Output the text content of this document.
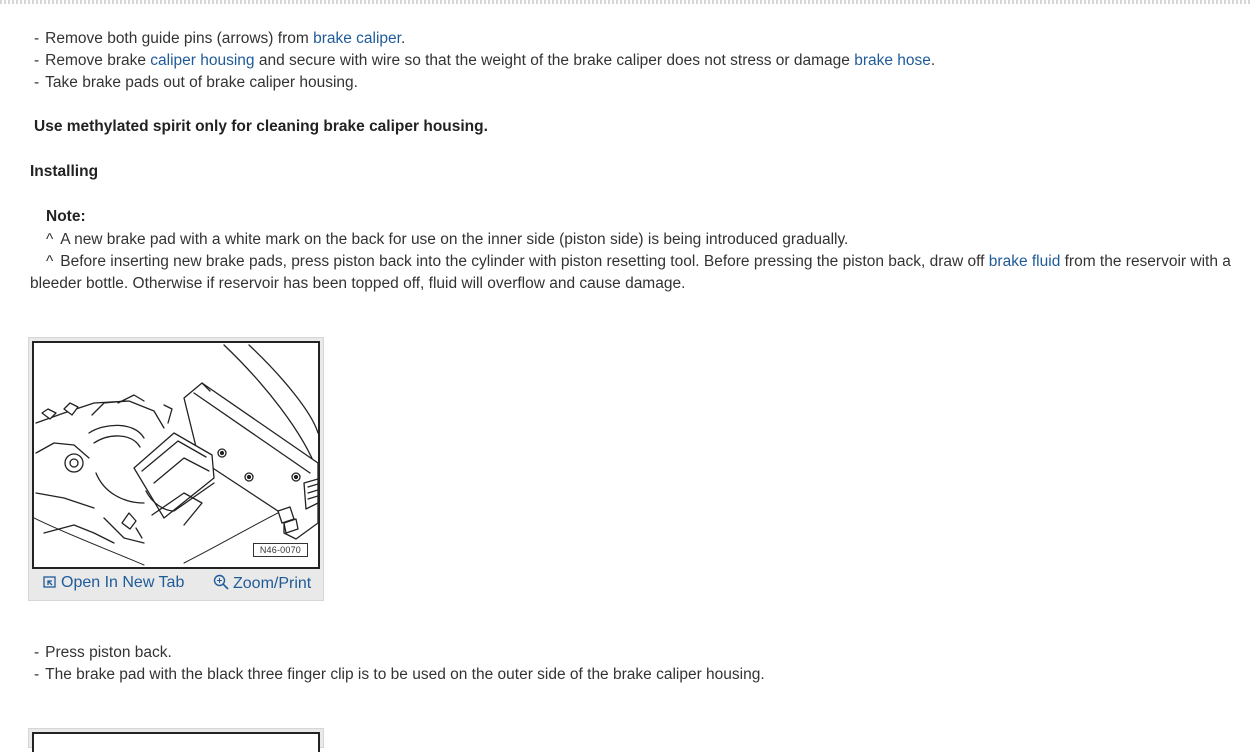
- Remove both guide pins (arrows) from brake caliper.
- Remove brake caliper housing and secure with wire so that the weight of the brake caliper does not stress or damage brake hose.
- Take brake pads out of brake caliper housing.
Use methylated spirit only for cleaning brake caliper housing.
Installing
Note:
^ A new brake pad with a white mark on the back for use on the inner side (piston side) is being introduced gradually.
^ Before inserting new brake pads, press piston back into the cylinder with piston resetting tool. Before pressing the piston back, draw off brake fluid from the reservoir with a bleeder bottle. Otherwise if reservoir has been topped off, fluid will overflow and cause damage.
N46-0070
Open In New Tab	Zoom/Print
- Press piston back.
- The brake pad with the black three finger clip is to be used on the outer side of the brake caliper housing.
